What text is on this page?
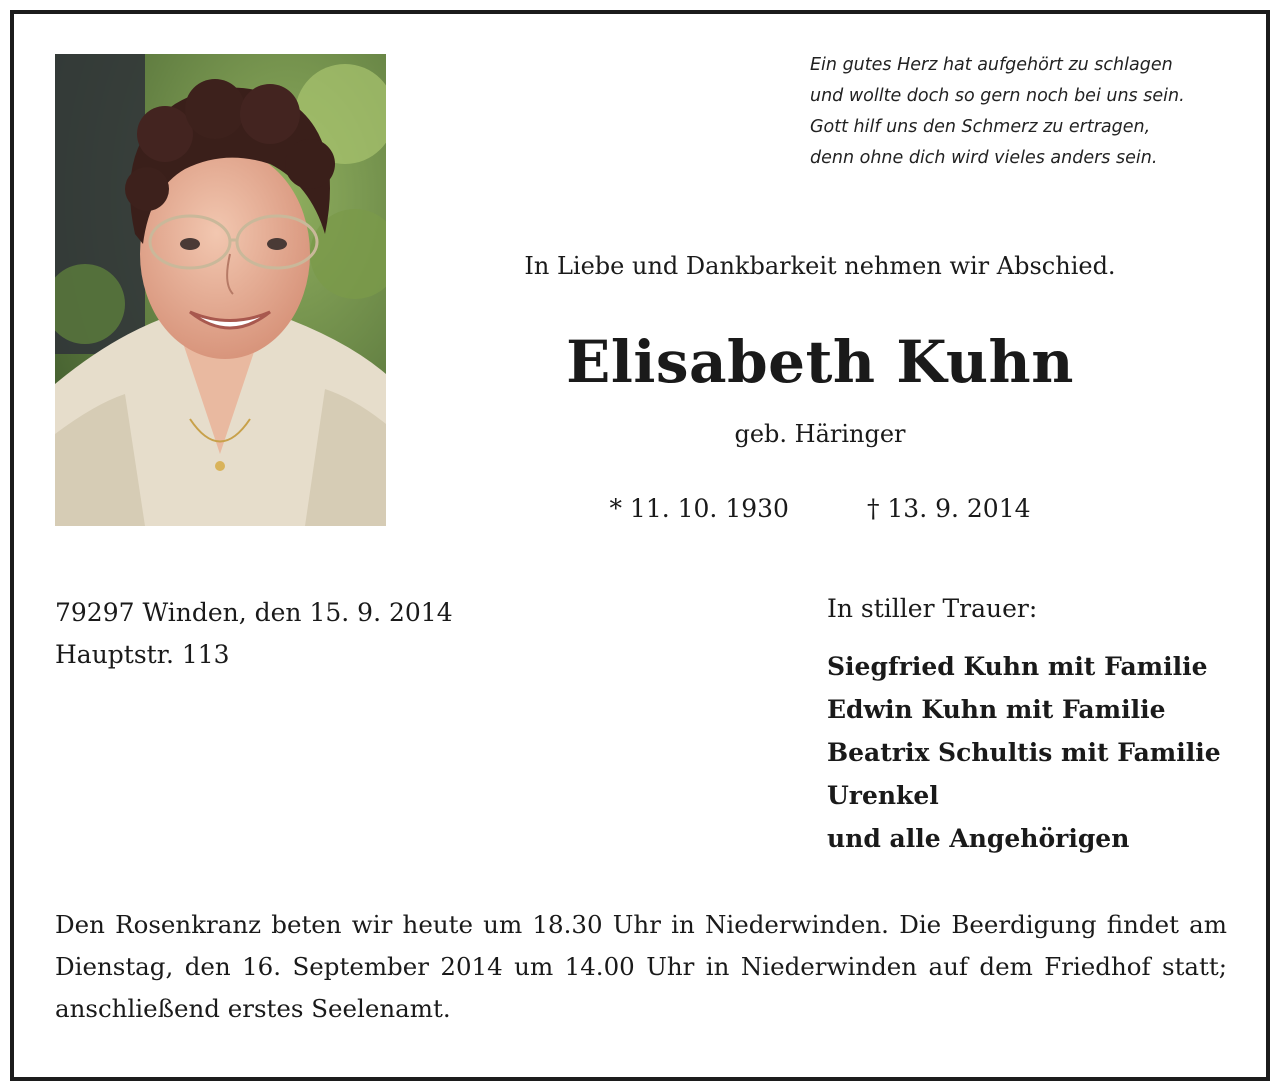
Ein gutes Herz hat aufgehört zu schlagen
und wollte doch so gern noch bei uns sein.
Gott hilf uns den Schmerz zu ertragen,
denn ohne dich wird vieles anders sein.
In Liebe und Dankbarkeit nehmen wir Abschied.
Elisabeth Kuhn
geb. Häringer
* 11. 10. 1930	† 13. 9. 2014
79297 Winden, den 15. 9. 2014
Hauptstr. 113
In stiller Trauer:
Siegfried Kuhn mit Familie
Edwin Kuhn mit Familie
Beatrix Schultis mit Familie
Urenkel
und alle Angehörigen
Den Rosenkranz beten wir heute um 18.30 Uhr in Niederwinden. Die Beerdigung findet am Dienstag, den 16. September 2014 um 14.00 Uhr in Niederwinden auf dem Friedhof statt; anschließend erstes Seelenamt.
